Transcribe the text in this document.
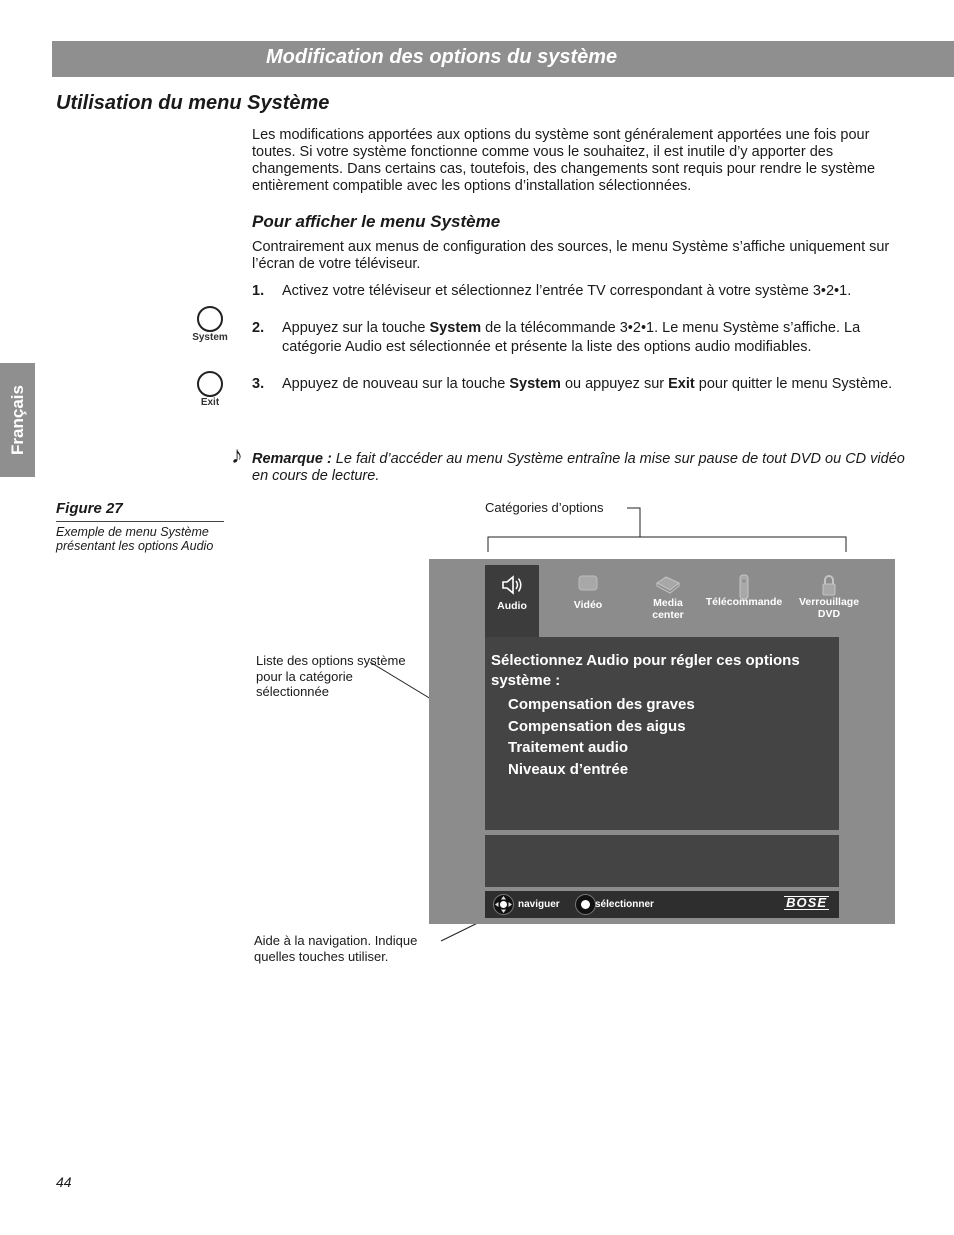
Modification des options du système
Français
Utilisation du menu Système

Les modifications apportées aux options du système sont généralement apportées une fois pour toutes. Si votre système fonctionne comme vous le souhaitez, il est inutile d’y apporter des changements. Dans certains cas, toutefois, des changements sont requis pour rendre le système entièrement compatible avec les options d’installation sélectionnées.

Pour afficher le menu Système

Contrairement aux menus de configuration des sources, le menu Système s’affiche uniquement sur l’écran de votre téléviseur.

1. Activez votre téléviseur et sélectionnez l’entrée TV correspondant à votre système 3•2•1.
2. Appuyez sur la touche System de la télécommande 3•2•1. Le menu Système s’affiche. La catégorie Audio est sélectionnée et présente la liste des options audio modifiables.
3. Appuyez de nouveau sur la touche System ou appuyez sur Exit pour quitter le menu Système.
System
Exit
♪ Remarque : Le fait d’accéder au menu Système entraîne la mise sur pause de tout DVD ou CD vidéo en cours de lecture.

Figure 27

Exemple de menu Système présentant les options Audio

Catégories d’options

Liste des options système pour la catégorie sélectionnée

Aide à la navigation. Indique quelles touches utiliser.

Audio	Vidéo	Media center
Télécommande	Verrouillage DVD
Sélectionnez Audio pour régler ces options système :
Compensation des graves
Compensation des aigus
Traitement audio
Niveaux d’entrée
naviguer	sélectionner	BOSE
44
